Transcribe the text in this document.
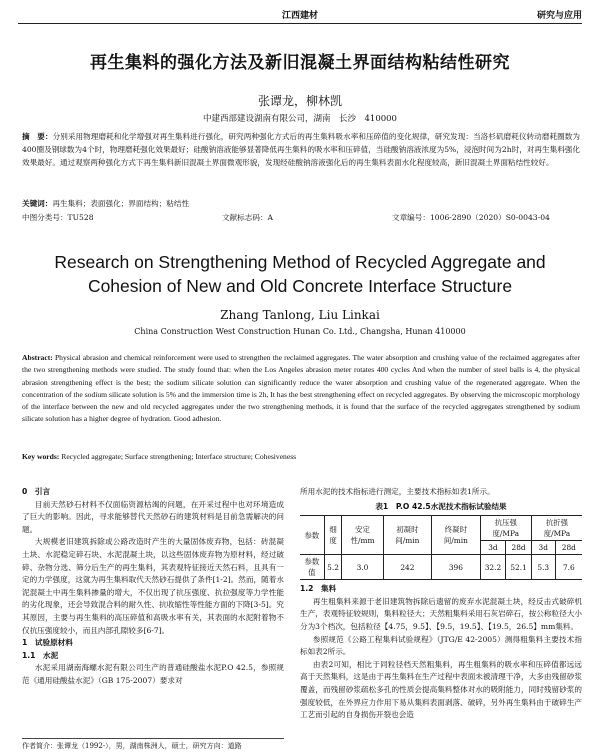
江西建材	研究与应用
再生集料的强化方法及新旧混凝土界面结构粘结性研究
张谭龙，柳林凯
中建西部建设湖南有限公司，湖南　长沙　410000
摘　要：分别采用物理磨耗和化学增强对再生集料进行强化，研究两种强化方式后的再生集料吸水率和压碎值的变化规律，研究发现：当洛杉矶磨耗仪转动磨耗圈数为400圈及钢球数为4个时，物理磨耗强化效果最好；硅酸钠溶液能够显著降低再生集料的吸水率和压碎值，当硅酸钠溶液浓度为5%，浸泡时间为2h时，对再生集料强化效果最好。通过观察两种强化方式下再生集料新旧混凝土界面微观形貌，发现经硅酸钠溶液强化后的再生集料表面水化程度较高，新旧混凝土界面粘结性较好。
关键词：再生集料；表面强化；界面结构；粘结性
中图分类号：TU528	文献标志码：A	文章编号：1006-2890（2020）S0-0043-04
Research on Strengthening Method of Recycled Aggregate and Cohesion of New and Old Concrete Interface Structure
Zhang Tanlong, Liu Linkai
China Construction West Construction Hunan Co. Ltd., Changsha, Hunan 410000
Abstract: Physical abrasion and chemical reinforcement were used to strengthen the reclaimed aggregates. The water absorption and crushing value of the reclaimed aggregates after the two strengthening methods were studied. The study found that: when the Los Angeles abrasion meter rotates 400 cycles And when the number of steel balls is 4, the physical abrasion strengthening effect is the best; the sodium silicate solution can significantly reduce the water absorption and crushing value of the regenerated aggregate. When the concentration of the sodium silicate solution is 5% and the immersion time is 2h, It has the best strengthening effect on recycled aggregates. By observing the microscopic morphology of the interface between the new and old recycled aggregates under the two strengthening methods, it is found that the surface of the recycled aggregates strengthened by sodium silicate solution has a higher degree of hydration. Good adhesion.
Key words: Recycled aggregate; Surface strengthening; Interface structure; Cohesiveness
0　引言

目前天然砂石材料不仅面临资源枯竭的问题，在开采过程中也对环境造成了巨大的影响。因此，寻求能够替代天然砂石的建筑材料是目前急需解决的问题。

大规模老旧建筑拆除或公路改造时产生的大量固体废弃物，包括：砖混凝土块、水泥稳定碎石块、水泥混凝土块，以这些固体废弃物为原材料，经过破碎、杂物分选、筛分后生产的再生集料，其表观特征接近天然石料，且具有一定的力学强度，这就为再生集料取代天然砂石提供了条件[1-2]。然而，随着水泥混凝土中再生集料掺量的增大，不仅出现了抗压强度、抗拉强度等力学性能的劣化现象，还会导致混合料的耐久性、抗收缩性等性能方面的下降[3-5]。究其原因，主要与再生集料的高压碎值和高吸水率有关，其表面的水泥附着物不仅抗压强度较小，而且内部孔隙较多[6-7]。

1　试验原材料
1.1　水泥

水泥采用湖南海螺水泥有限公司生产的普通硅酸盐水泥P.O 42.5，参照规范《通用硅酸盐水泥》（GB 175-2007）要求对

作者简介：张谭龙（1992-），男，湖南株洲人，硕士，研究方向：道路

所用水泥的技术指标进行测定，主要技术指标如表1所示。

表1　P.O 42.5水泥技术指标试验结果
参数	细度	安定性/mm	初凝时间/min	终凝时间/min	抗压强度/MPa		抗折强度/MPa	
					3d	28d	3d	28d
参数值	5.2	3.0	242	396	32.2	52.1	5.3	7.6
1.2　集料

再生粗集料来源于老旧建筑物拆除后遗留的废弃水泥混凝土块，经反击式破碎机生产，表观特征较规则，集料粒径大；天然粗集料采用石灰岩碎石，按公称粒径大小分为3个档次，包括粒径【4.75，9.5】、【9.5，19.5】、【19.5，26.5】mm集料。

参照规范《公路工程集料试验规程》（JTG/E 42-2005）测得粗集料主要技术指标如表2所示。

由表2可知，相比于同粒径档天然粗集料，再生粗集料的吸水率和压碎值都远远高于天然集料，这是由于再生集料在生产过程中表面未被清理干净，大多由残留砂浆覆盖，而残留砂浆疏松多孔的性质会提高集料整体对水的吸附能力，同时残留砂浆的强度较低，在外界应力作用下易从集料表面剥落、破碎，另外再生集料由于破碎生产工艺而引起的自身损伤开裂也会造
